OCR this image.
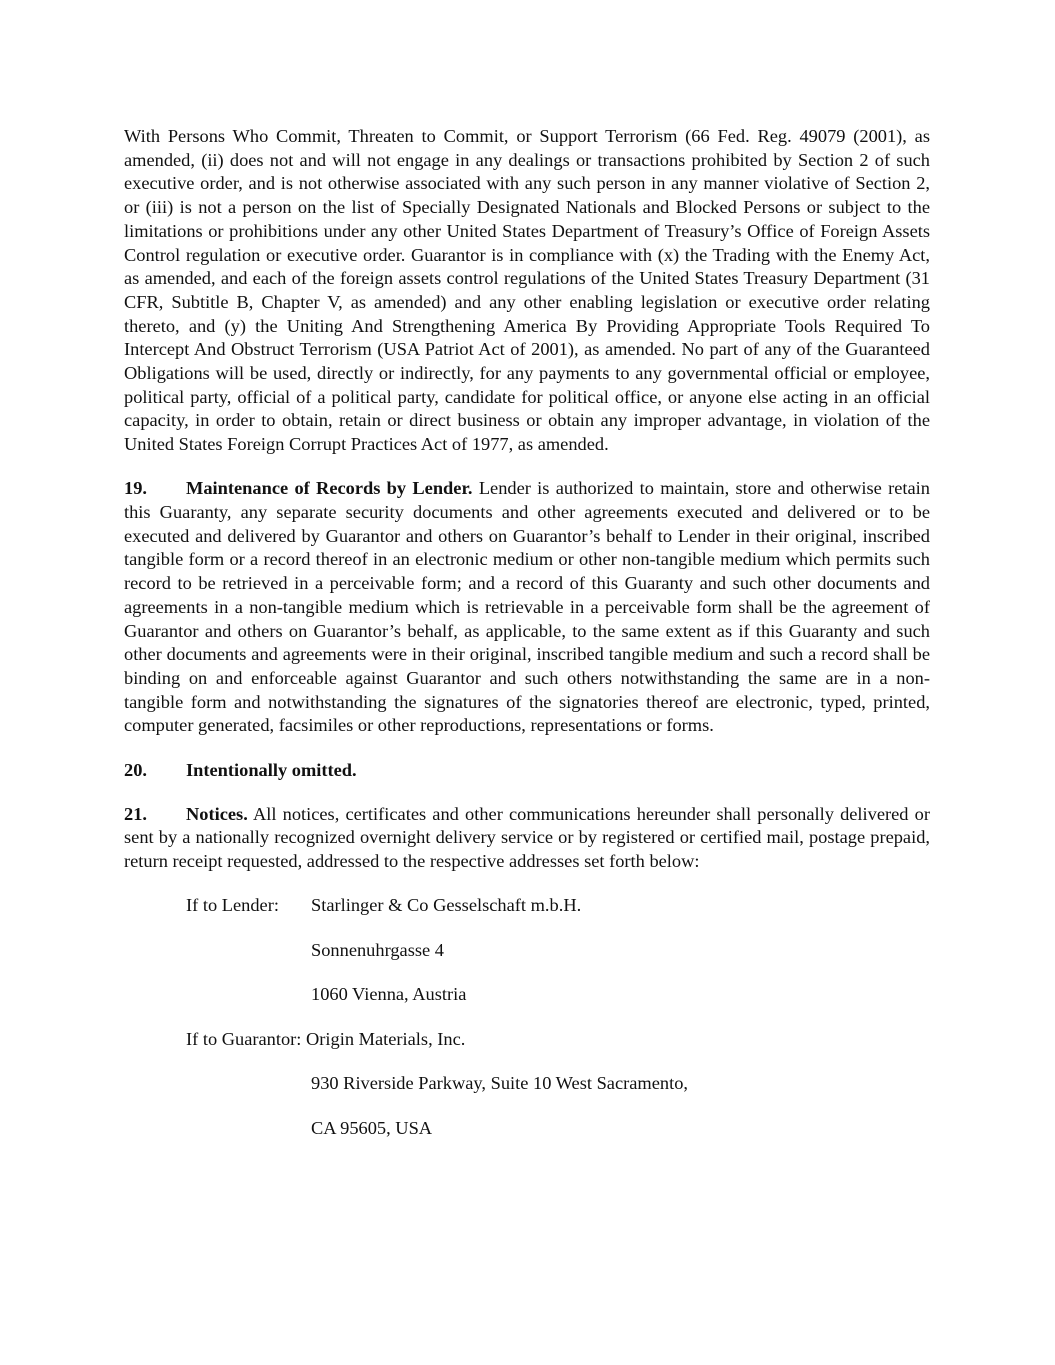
With Persons Who Commit, Threaten to Commit, or Support Terrorism (66 Fed. Reg. 49079 (2001), as amended, (ii) does not and will not engage in any dealings or transactions prohibited by Section 2 of such executive order, and is not otherwise associated with any such person in any manner violative of Section 2, or (iii) is not a person on the list of Specially Designated Nationals and Blocked Persons or subject to the limitations or prohibitions under any other United States Department of Treasury’s Office of Foreign Assets Control regulation or executive order. Guarantor is in compliance with (x) the Trading with the Enemy Act, as amended, and each of the foreign assets control regulations of the United States Treasury Department (31 CFR, Subtitle B, Chapter V, as amended) and any other enabling legislation or executive order relating thereto, and (y) the Uniting And Strengthening America By Providing Appropriate Tools Required To Intercept And Obstruct Terrorism (USA Patriot Act of 2001), as amended. No part of any of the Guaranteed Obligations will be used, directly or indirectly, for any payments to any governmental official or employee, political party, official of a political party, candidate for political office, or anyone else acting in an official capacity, in order to obtain, retain or direct business or obtain any improper advantage, in violation of the United States Foreign Corrupt Practices Act of 1977, as amended.

19. Maintenance of Records by Lender. Lender is authorized to maintain, store and otherwise retain this Guaranty, any separate security documents and other agreements executed and delivered or to be executed and delivered by Guarantor and others on Guarantor’s behalf to Lender in their original, inscribed tangible form or a record thereof in an electronic medium or other non-tangible medium which permits such record to be retrieved in a perceivable form; and a record of this Guaranty and such other documents and agreements in a non-tangible medium which is retrievable in a perceivable form shall be the agreement of Guarantor and others on Guarantor’s behalf, as applicable, to the same extent as if this Guaranty and such other documents and agreements were in their original, inscribed tangible medium and such a record shall be binding on and enforceable against Guarantor and such others notwithstanding the same are in a non- tangible form and notwithstanding the signatures of the signatories thereof are electronic, typed, printed, computer generated, facsimiles or other reproductions, representations or forms.

20. Intentionally omitted.

21. Notices. All notices, certificates and other communications hereunder shall personally delivered or sent by a nationally recognized overnight delivery service or by registered or certified mail, postage prepaid, return receipt requested, addressed to the respective addresses set forth below:

If to Lender: Starlinger & Co Gesselschaft m.b.H.
Sonnenuhrgasse 4
1060 Vienna, Austria
If to Guarantor: Origin Materials, Inc.
930 Riverside Parkway, Suite 10 West Sacramento,
CA 95605, USA
